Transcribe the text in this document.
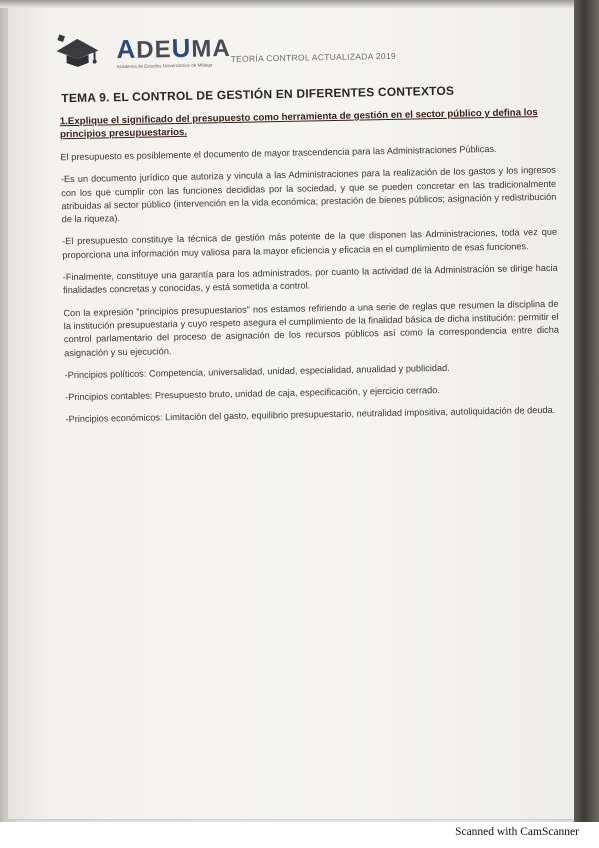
ADEUMA
Academia de Estudios Universitarios de Málaga
TEORÍA CONTROL ACTUALIZADA 2019
TEMA 9. EL CONTROL DE GESTIÓN EN DIFERENTES CONTEXTOS
1.Explique el significado del presupuesto como herramienta de gestión en el sector público y defina los principios presupuestarios.

El presupuesto es posiblemente el documento de mayor trascendencia para las Administraciones Públicas.

-Es un documento jurídico que autoriza y vincula a las Administraciones para la realización de los gastos y los ingresos con los que cumplir con las funciones decididas por la sociedad, y que se pueden concretar en las tradicionalmente atribuidas al sector público (intervención en la vida económica; prestación de bienes públicos; asignación y redistribución de la riqueza).

-El presupuesto constituye la técnica de gestión más potente de la que disponen las Administraciones, toda vez que proporciona una información muy valiosa para la mayor eficiencia y eficacia en el cumplimiento de esas funciones.

-Finalmente, constituye una garantía para los administrados, por cuanto la actividad de la Administración se dirige hacia finalidades concretas y conocidas, y está sometida a control.

Con la expresión "principios presupuestarios" nos estamos refiriendo a una serie de reglas que resumen la disciplina de la institución presupuestaria y cuyo respeto asegura el cumplimiento de la finalidad básica de dicha institución: permitir el control parlamentario del proceso de asignación de los recursos públicos así como la correspondencia entre dicha asignación y su ejecución.

-Principios políticos: Competencia, universalidad, unidad, especialidad, anualidad y publicidad.

-Principios contables: Presupuesto bruto, unidad de caja, especificación, y ejercicio cerrado.

-Principios económicos: Limitación del gasto, equilibrio presupuestario, neutralidad impositiva, autoliquidación de deuda.

Scanned with CamScanner
